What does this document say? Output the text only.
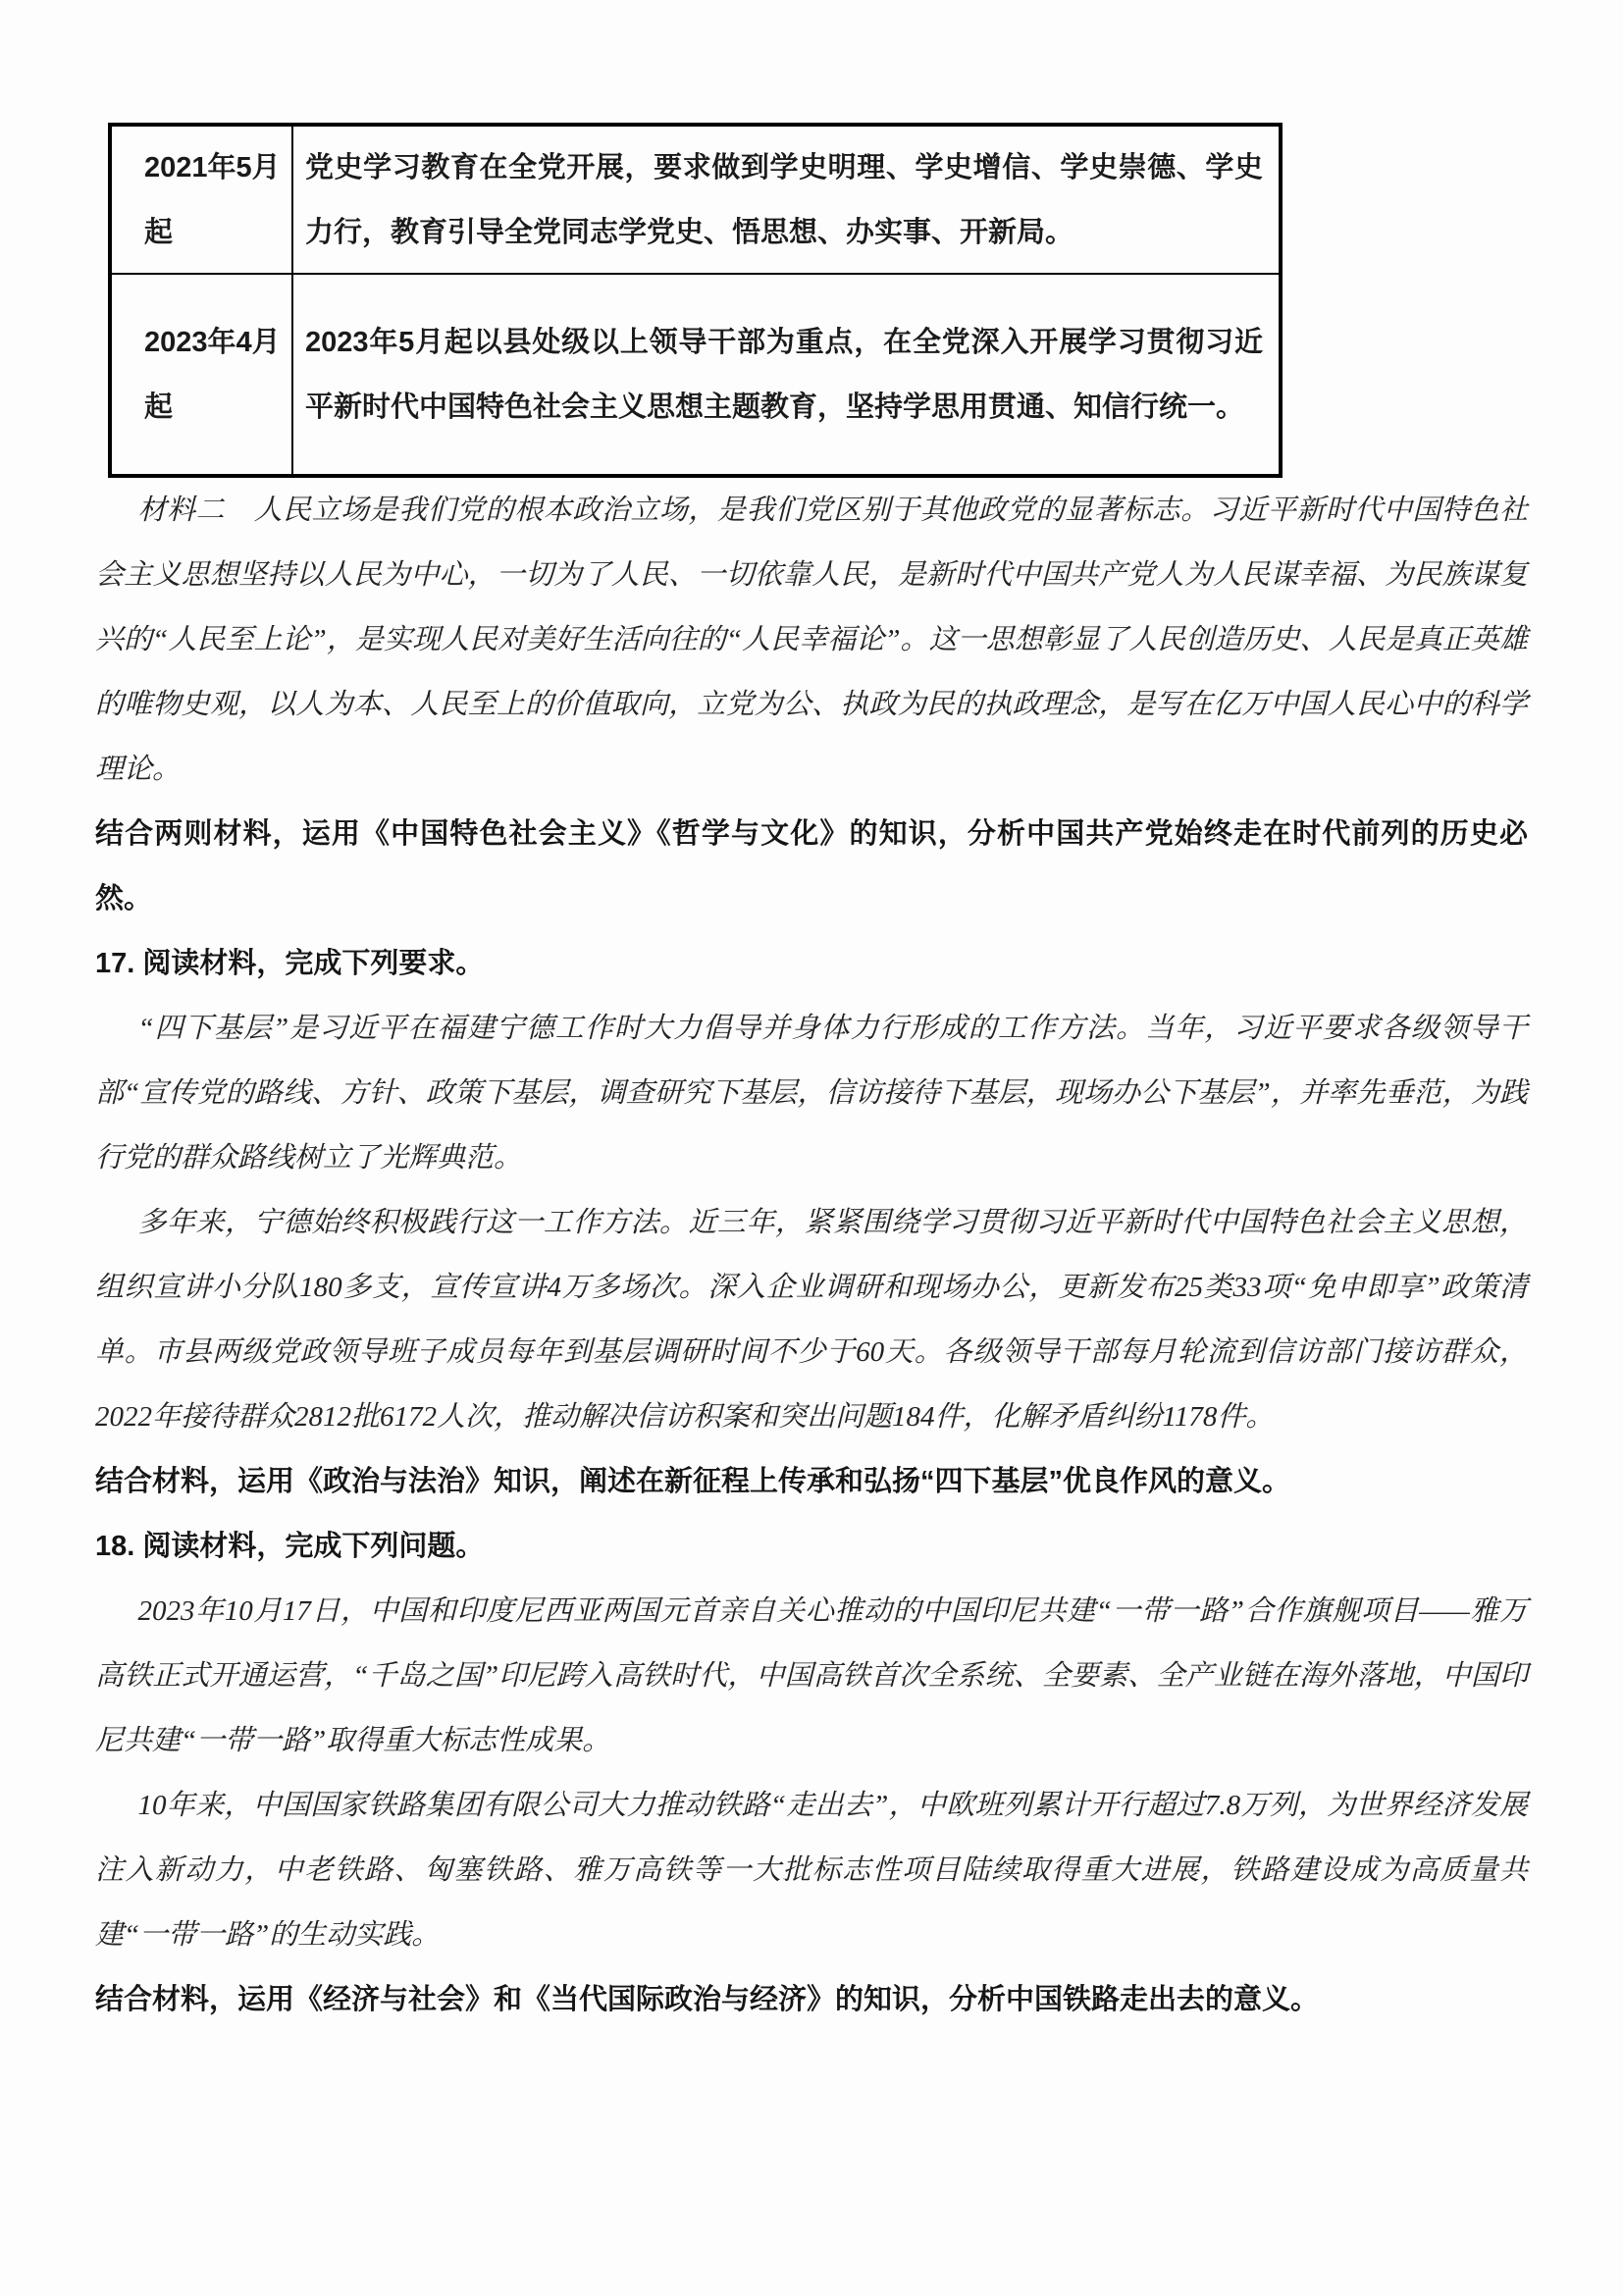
2021年5月起	党史学习教育在全党开展，要求做到学史明理、学史增信、学史崇德、学史力行，教育引导全党同志学党史、悟思想、办实事、开新局。
2023年4月起	2023年5月起以县处级以上领导干部为重点，在全党深入开展学习贯彻习近平新时代中国特色社会主义思想主题教育，坚持学思用贯通、知信行统一。

材料二　人民立场是我们党的根本政治立场，是我们党区别于其他政党的显著标志。习近平新时代中国特色社会主义思想坚持以人民为中心，一切为了人民、一切依靠人民，是新时代中国共产党人为人民谋幸福、为民族谋复兴的“人民至上论”，是实现人民对美好生活向往的“人民幸福论”。这一思想彰显了人民创造历史、人民是真正英雄的唯物史观，以人为本、人民至上的价值取向，立党为公、执政为民的执政理念，是写在亿万中国人民心中的科学理论。

结合两则材料，运用《中国特色社会主义》《哲学与文化》的知识，分析中国共产党始终走在时代前列的历史必然。

17. 阅读材料，完成下列要求。

“四下基层”是习近平在福建宁德工作时大力倡导并身体力行形成的工作方法。当年，习近平要求各级领导干部“宣传党的路线、方针、政策下基层，调查研究下基层，信访接待下基层，现场办公下基层”，并率先垂范，为践行党的群众路线树立了光辉典范。

多年来，宁德始终积极践行这一工作方法。近三年，紧紧围绕学习贯彻习近平新时代中国特色社会主义思想，组织宣讲小分队180多支，宣传宣讲4万多场次。深入企业调研和现场办公，更新发布25类33项“免申即享”政策清单。市县两级党政领导班子成员每年到基层调研时间不少于60天。各级领导干部每月轮流到信访部门接访群众，2022年接待群众2812批6172人次，推动解决信访积案和突出问题184件，化解矛盾纠纷1178件。

结合材料，运用《政治与法治》知识，阐述在新征程上传承和弘扬“四下基层”优良作风的意义。

18. 阅读材料，完成下列问题。

2023年10月17日，中国和印度尼西亚两国元首亲自关心推动的中国印尼共建“一带一路”合作旗舰项目——雅万高铁正式开通运营，“千岛之国”印尼跨入高铁时代，中国高铁首次全系统、全要素、全产业链在海外落地，中国印尼共建“一带一路”取得重大标志性成果。

10年来，中国国家铁路集团有限公司大力推动铁路“走出去”，中欧班列累计开行超过7.8万列，为世界经济发展注入新动力，中老铁路、匈塞铁路、雅万高铁等一大批标志性项目陆续取得重大进展，铁路建设成为高质量共建“一带一路”的生动实践。

结合材料，运用《经济与社会》和《当代国际政治与经济》的知识，分析中国铁路走出去的意义。
